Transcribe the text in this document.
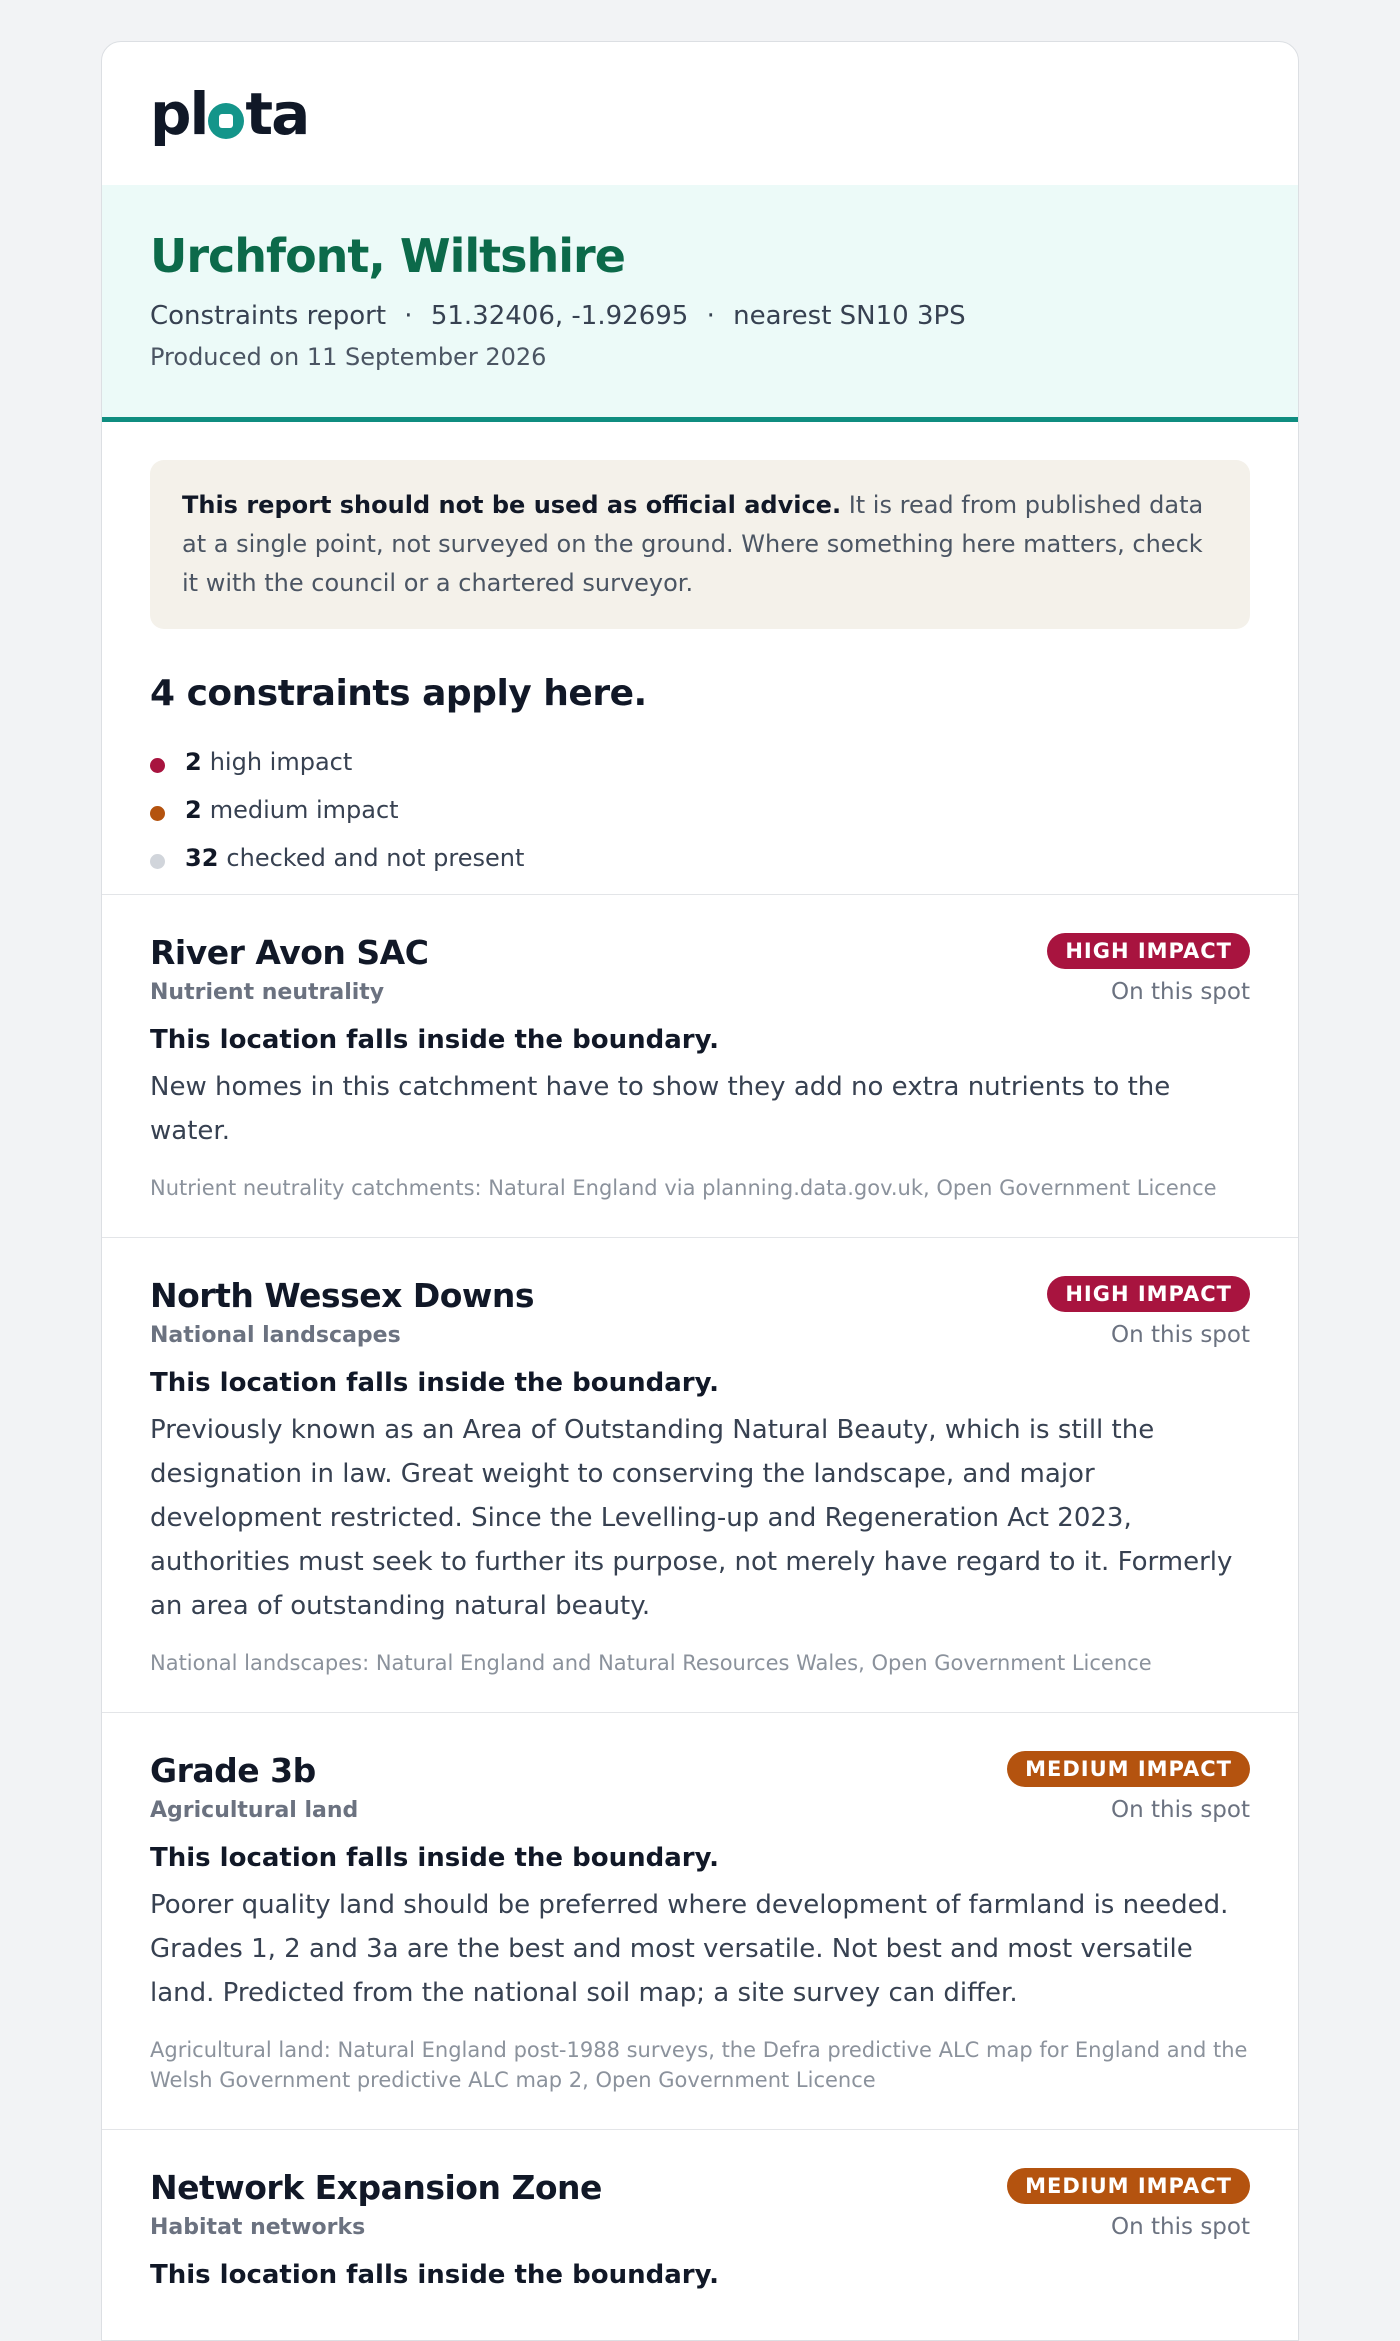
pl ta
Urchfont, Wiltshire
Constraints report · 51.32406, -1.92695 · nearest SN10 3PS
Produced on 11 September 2026
This report should not be used as official advice. It is read from published data at a single point, not surveyed on the ground. Where something here matters, check it with the council or a chartered surveyor.
4 constraints apply here.
2 high impact
2 medium impact
32 checked and not present
River Avon SAC
Nutrient neutrality
HIGH IMPACT
On this spot
This location falls inside the boundary.
New homes in this catchment have to show they add no extra nutrients to the water.
Nutrient neutrality catchments: Natural England via planning.data.gov.uk, Open Government Licence
North Wessex Downs
National landscapes
HIGH IMPACT
On this spot
This location falls inside the boundary.
Previously known as an Area of Outstanding Natural Beauty, which is still the designation in law. Great weight to conserving the landscape, and major development restricted. Since the Levelling-up and Regeneration Act 2023, authorities must seek to further its purpose, not merely have regard to it. Formerly an area of outstanding natural beauty.
National landscapes: Natural England and Natural Resources Wales, Open Government Licence
Grade 3b
Agricultural land
MEDIUM IMPACT
On this spot
This location falls inside the boundary.
Poorer quality land should be preferred where development of farmland is needed. Grades 1, 2 and 3a are the best and most versatile. Not best and most versatile land. Predicted from the national soil map; a site survey can differ.
Agricultural land: Natural England post-1988 surveys, the Defra predictive ALC map for England and the Welsh Government predictive ALC map 2, Open Government Licence
Network Expansion Zone
Habitat networks
MEDIUM IMPACT
On this spot
This location falls inside the boundary.
